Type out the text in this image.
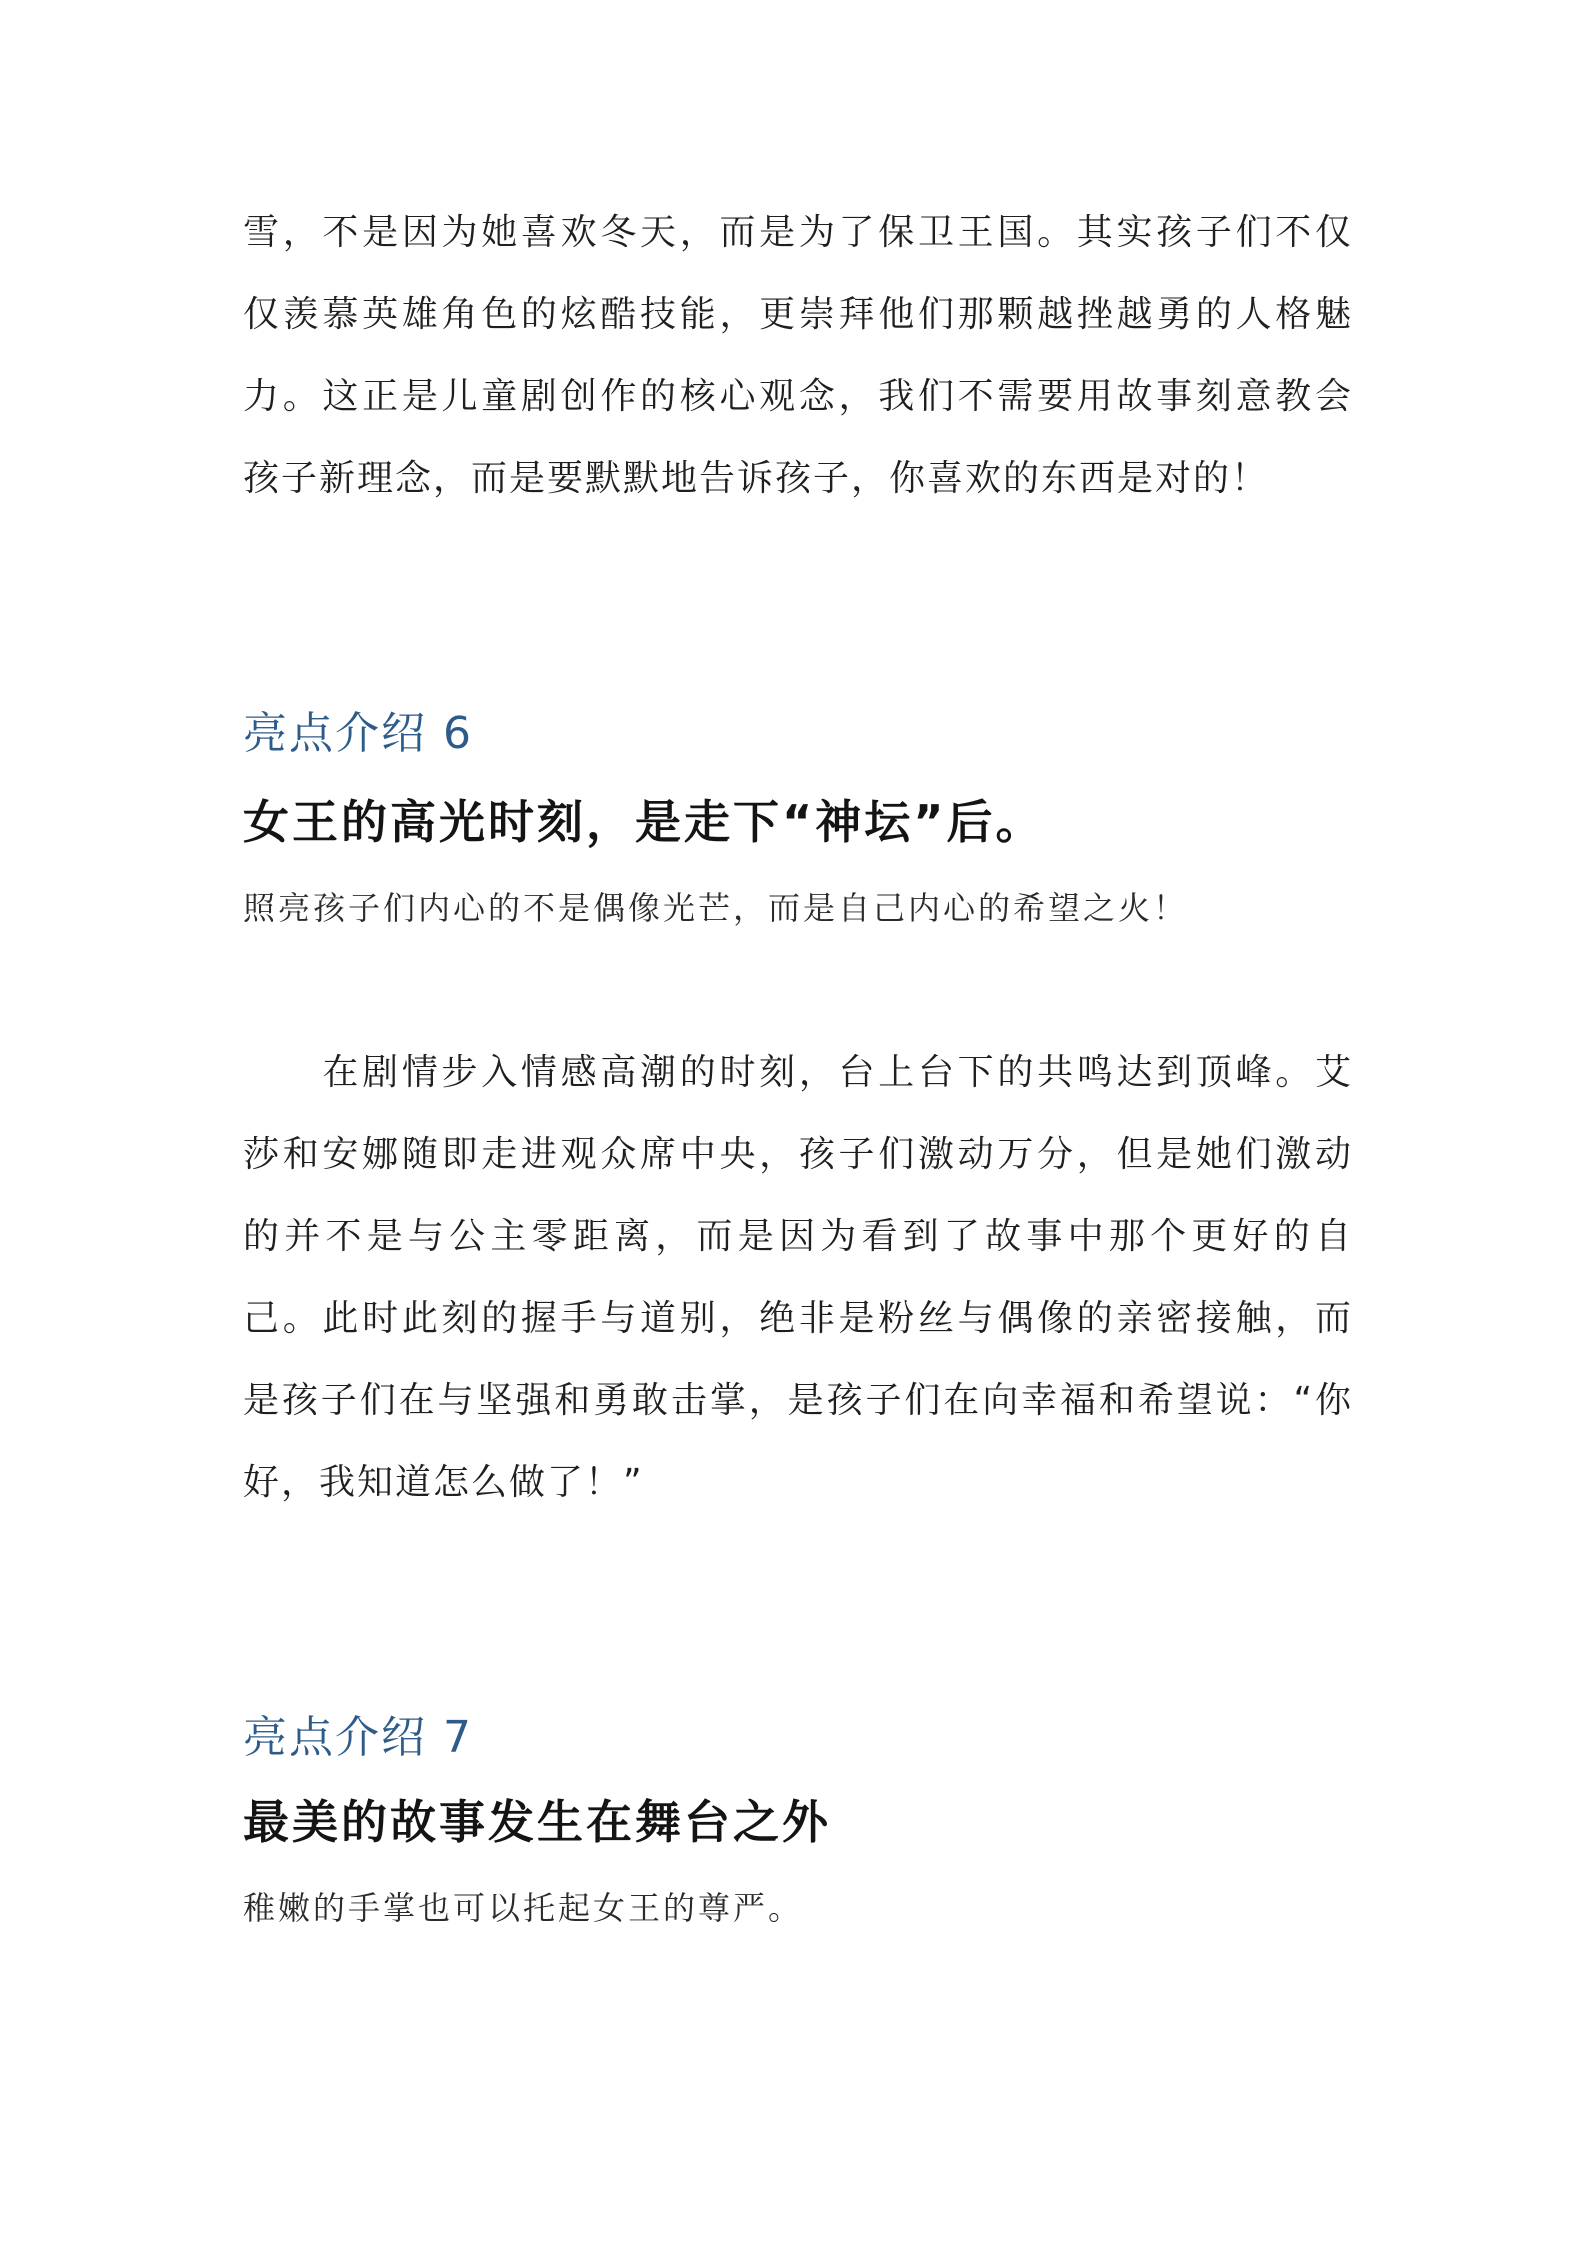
雪，不是因为她喜欢冬天，而是为了保卫王国。其实孩子们不仅
仅羡慕英雄角色的炫酷技能，更崇拜他们那颗越挫越勇的人格魅
力。这正是儿童剧创作的核心观念，我们不需要用故事刻意教会
孩子新理念，而是要默默地告诉孩子，你喜欢的东西是对的！
亮点介绍 6
女王的高光时刻，是走下“神坛”后。
照亮孩子们内心的不是偶像光芒，而是自己内心的希望之火！
　　在剧情步入情感高潮的时刻，台上台下的共鸣达到顶峰。艾
莎和安娜随即走进观众席中央，孩子们激动万分，但是她们激动
的并不是与公主零距离，而是因为看到了故事中那个更好的自
己。此时此刻的握手与道别，绝非是粉丝与偶像的亲密接触，而
是孩子们在与坚强和勇敢击掌，是孩子们在向幸福和希望说：“你
好，我知道怎么做了！”
亮点介绍 7
最美的故事发生在舞台之外
稚嫩的手掌也可以托起女王的尊严。
